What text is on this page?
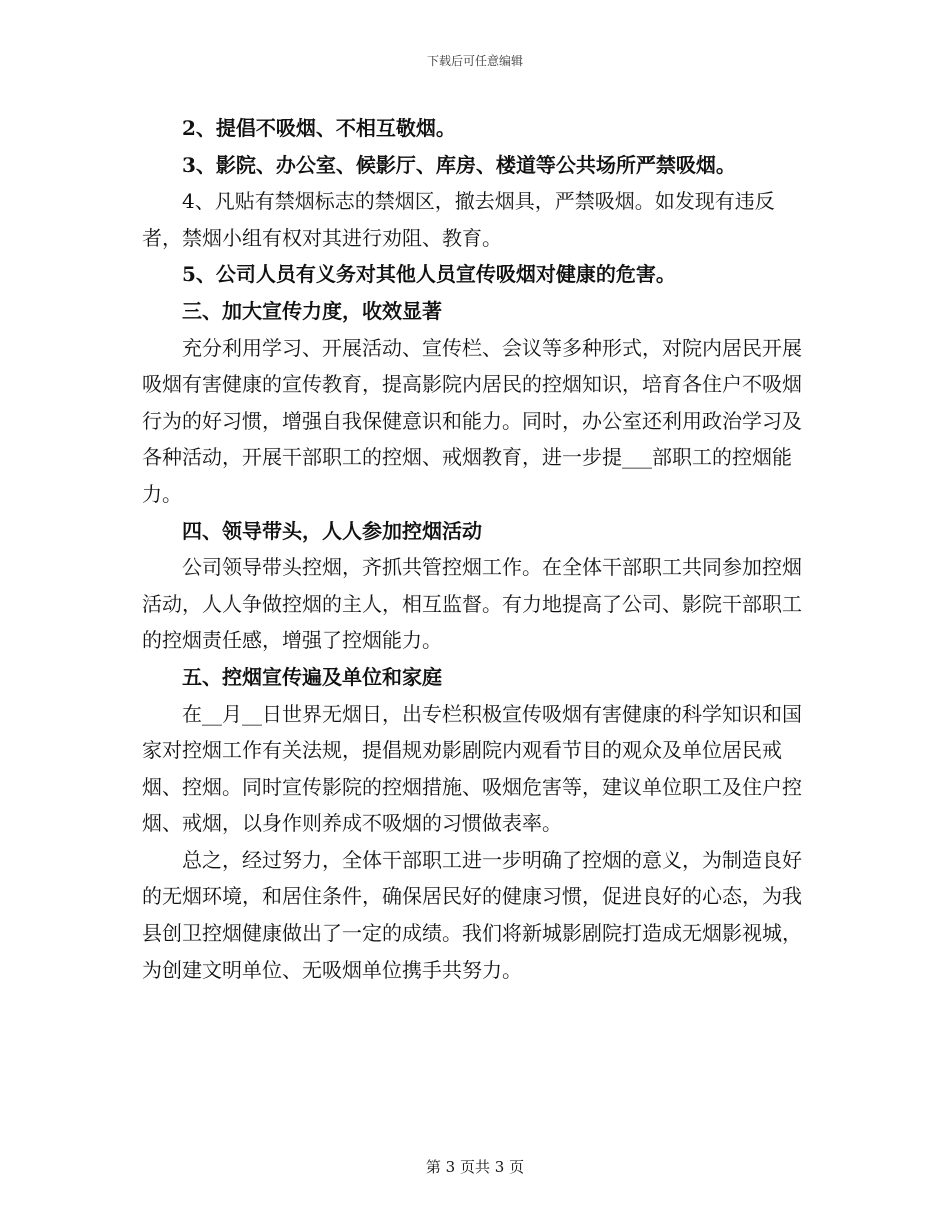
下载后可任意编辑

2、提倡不吸烟、不相互敬烟。

3、影院、办公室、候影厅、库房、楼道等公共场所严禁吸烟。

4、凡贴有禁烟标志的禁烟区，撤去烟具，严禁吸烟。如发现有违反者，禁烟小组有权对其进行劝阻、教育。

5、公司人员有义务对其他人员宣传吸烟对健康的危害。

三、加大宣传力度，收效显著

充分利用学习、开展活动、宣传栏、会议等多种形式，对院内居民开展吸烟有害健康的宣传教育，提高影院内居民的控烟知识，培育各住户不吸烟行为的好习惯，增强自我保健意识和能力。同时，办公室还利用政治学习及各种活动，开展干部职工的控烟、戒烟教育，进一步提___部职工的控烟能力。

四、领导带头，人人参加控烟活动

公司领导带头控烟，齐抓共管控烟工作。在全体干部职工共同参加控烟活动，人人争做控烟的主人，相互监督。有力地提高了公司、影院干部职工的控烟责任感，增强了控烟能力。

五、控烟宣传遍及单位和家庭

在__月__日世界无烟日，出专栏积极宣传吸烟有害健康的科学知识和国家对控烟工作有关法规，提倡规劝影剧院内观看节目的观众及单位居民戒烟、控烟。同时宣传影院的控烟措施、吸烟危害等，建议单位职工及住户控烟、戒烟，以身作则养成不吸烟的习惯做表率。

总之，经过努力，全体干部职工进一步明确了控烟的意义，为制造良好的无烟环境，和居住条件，确保居民好的健康习惯，促进良好的心态，为我县创卫控烟健康做出了一定的成绩。我们将新城影剧院打造成无烟影视城，为创建文明单位、无吸烟单位携手共努力。

第 3 页共 3 页
